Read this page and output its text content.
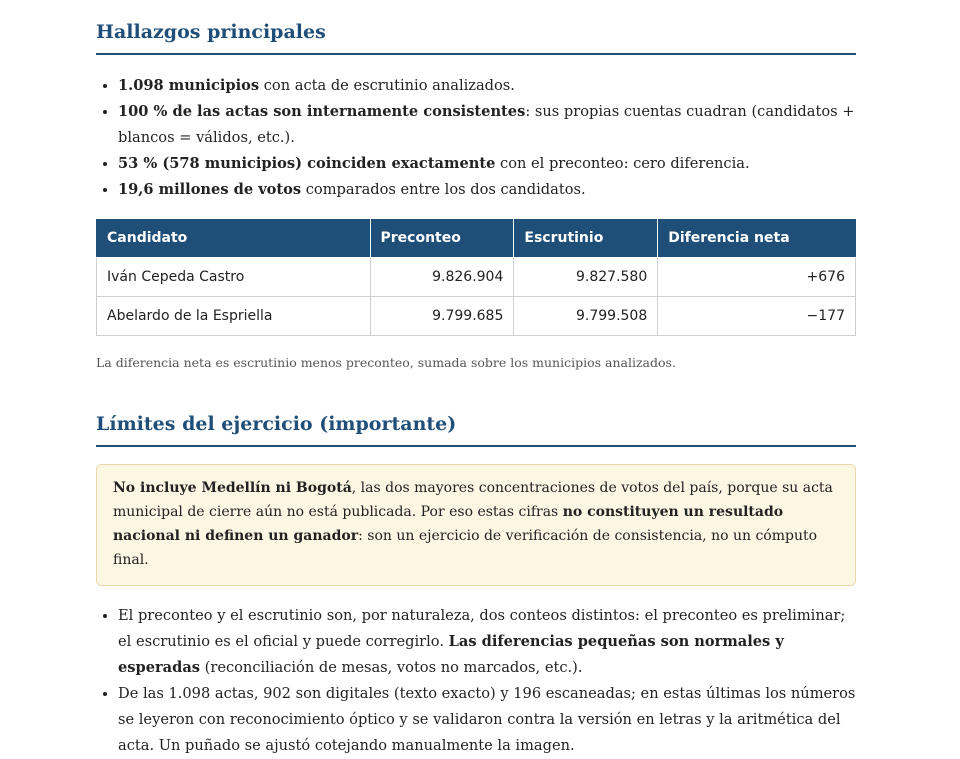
Hallazgos principales
• 1.098 municipios con acta de escrutinio analizados.
• 100 % de las actas son internamente consistentes: sus propias cuentas cuadran (candidatos + blancos = válidos, etc.).
• 53 % (578 municipios) coinciden exactamente con el preconteo: cero diferencia.
• 19,6 millones de votos comparados entre los dos candidatos.
Candidato	Preconteo	Escrutinio	Diferencia neta
Iván Cepeda Castro	9.826.904	9.827.580	+676
Abelardo de la Espriella	9.799.685	9.799.508	−177
La diferencia neta es escrutinio menos preconteo, sumada sobre los municipios analizados.
Límites del ejercicio (importante)
No incluye Medellín ni Bogotá, las dos mayores concentraciones de votos del país, porque su acta municipal de cierre aún no está publicada. Por eso estas cifras no constituyen un resultado nacional ni definen un ganador: son un ejercicio de verificación de consistencia, no un cómputo final.
• El preconteo y el escrutinio son, por naturaleza, dos conteos distintos: el preconteo es preliminar; el escrutinio es el oficial y puede corregirlo. Las diferencias pequeñas son normales y esperadas (reconciliación de mesas, votos no marcados, etc.).
• De las 1.098 actas, 902 son digitales (texto exacto) y 196 escaneadas; en estas últimas los números se leyeron con reconocimiento óptico y se validaron contra la versión en letras y la aritmética del acta. Un puñado se ajustó cotejando manualmente la imagen.
